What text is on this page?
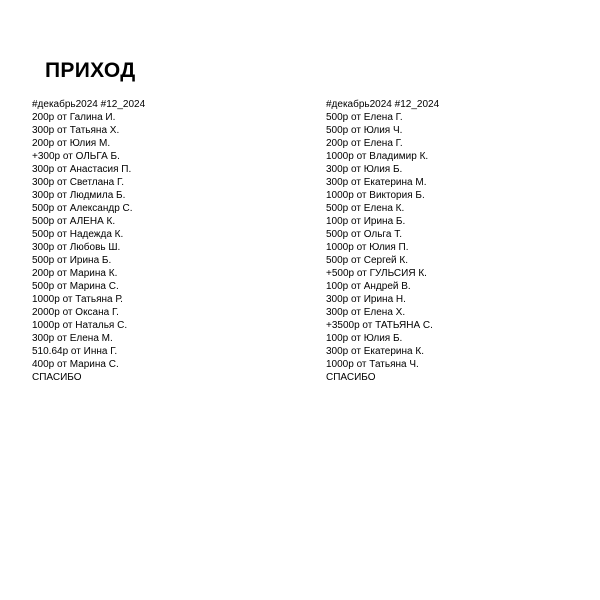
ПРИХОД
#декабрь2024 #12_2024
200р от Галина И.
300р от Татьяна Х.
200р от Юлия М.
+300р от ОЛЬГА Б.
300р от Анастасия П.
300р от Светлана Г.
300р от Людмила Б.
500р от Александр С.
500р от АЛЕНА К.
500р от Надежда К.
300р от Любовь Ш.
500р от Ирина Б.
200р от Марина К.
500р от Марина С.
1000р от Татьяна Р.
2000р от Оксана Г.
1000р от Наталья С.
300р от Елена М.
510.64р от Инна Г.
400р от Марина С.
СПАСИБО
#декабрь2024 #12_2024
500р от Елена Г.
500р от Юлия Ч.
200р от Елена Г.
1000р от Владимир К.
300р от Юлия Б.
300р от Екатерина М.
1000р от Виктория Б.
500р от Елена К.
100р от Ирина Б.
500р от Ольга Т.
1000р от Юлия П.
500р от Сергей К.
+500р от ГУЛЬСИЯ К.
100р от Андрей В.
300р от Ирина Н.
300р от Елена Х.
+3500р от ТАТЬЯНА С.
100р от Юлия Б.
300р от Екатерина К.
1000р от Татьяна Ч.
СПАСИБО
